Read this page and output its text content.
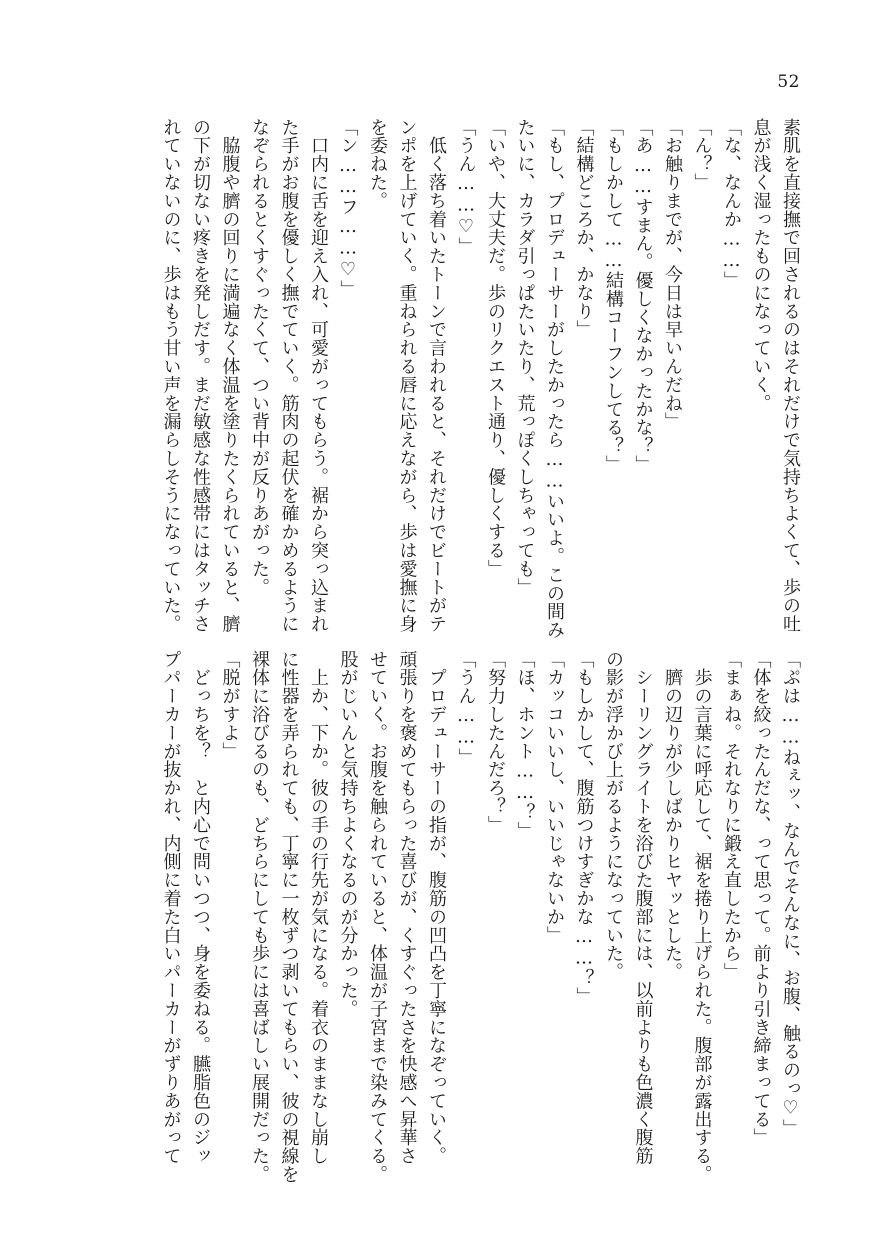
52
素肌を直接撫で回されるのはそれだけで気持ちよくて、歩の吐
息が浅く湿ったものになっていく。
「な、なんか……」
「ん？」
「お触りまでが、今日は早いんだね」
「あ……すまん。優しくなかったかな？」
「もしかして……結構コーフンしてる？」
「結構どころか、かなり」
「もし、プロデューサーがしたかったら……いいよ。この間み
たいに、カラダ引っぱたいたり、荒っぽくしちゃっても」
「いや、大丈夫だ。歩のリクエスト通り、優しくする」
「うん……♡」
　低く落ち着いたトーンで言われると、それだけでビートがテ
ンポを上げていく。重ねられる唇に応えながら、歩は愛撫に身
を委ねた。
「ン……フ……♡」
　口内に舌を迎え入れ、可愛がってもらう。裾から突っ込まれ
た手がお腹を優しく撫でていく。筋肉の起伏を確かめるように
なぞられるとくすぐったくて、つい背中が反りあがった。
　脇腹や臍の回りに満遍なく体温を塗りたくられていると、臍
の下が切ない疼きを発しだす。まだ敏感な性感帯にはタッチさ
れていないのに、歩はもう甘い声を漏らしそうになっていた。
「ぷは……ねぇッ、なんでそんなに、お腹、触るのっ♡」
「体を絞ったんだな、って思って。前より引き締まってる」
「まぁね。それなりに鍛え直したから」
　歩の言葉に呼応して、裾を捲り上げられた。腹部が露出する。
　臍の辺りが少しばかりヒヤッとした。
　シーリングライトを浴びた腹部には、以前よりも色濃く腹筋
の影が浮かび上がるようになっていた。
「もしかして、腹筋つけすぎかな……？」
「カッコいいし、いいじゃないか」
「ほ、ホント……？」
「努力したんだろ？」
「うん……」
　プロデューサーの指が、腹筋の凹凸を丁寧になぞっていく。
頑張りを褒めてもらった喜びが、くすぐったさを快感へ昇華さ
せていく。お腹を触られていると、体温が子宮まで染みてくる。
股がじいんと気持ちよくなるのが分かった。
　上か、下か。彼の手の行先が気になる。着衣のままなし崩し
に性器を弄られても、丁寧に一枚ずつ剥いてもらい、彼の視線を
裸体に浴びるのも、どちらにしても歩には喜ばしい展開だった。
「脱がすよ」
　どっちを？　と内心で問いつつ、身を委ねる。臙脂色のジッ
プパーカーが抜かれ、内側に着た白いパーカーがずりあがって
